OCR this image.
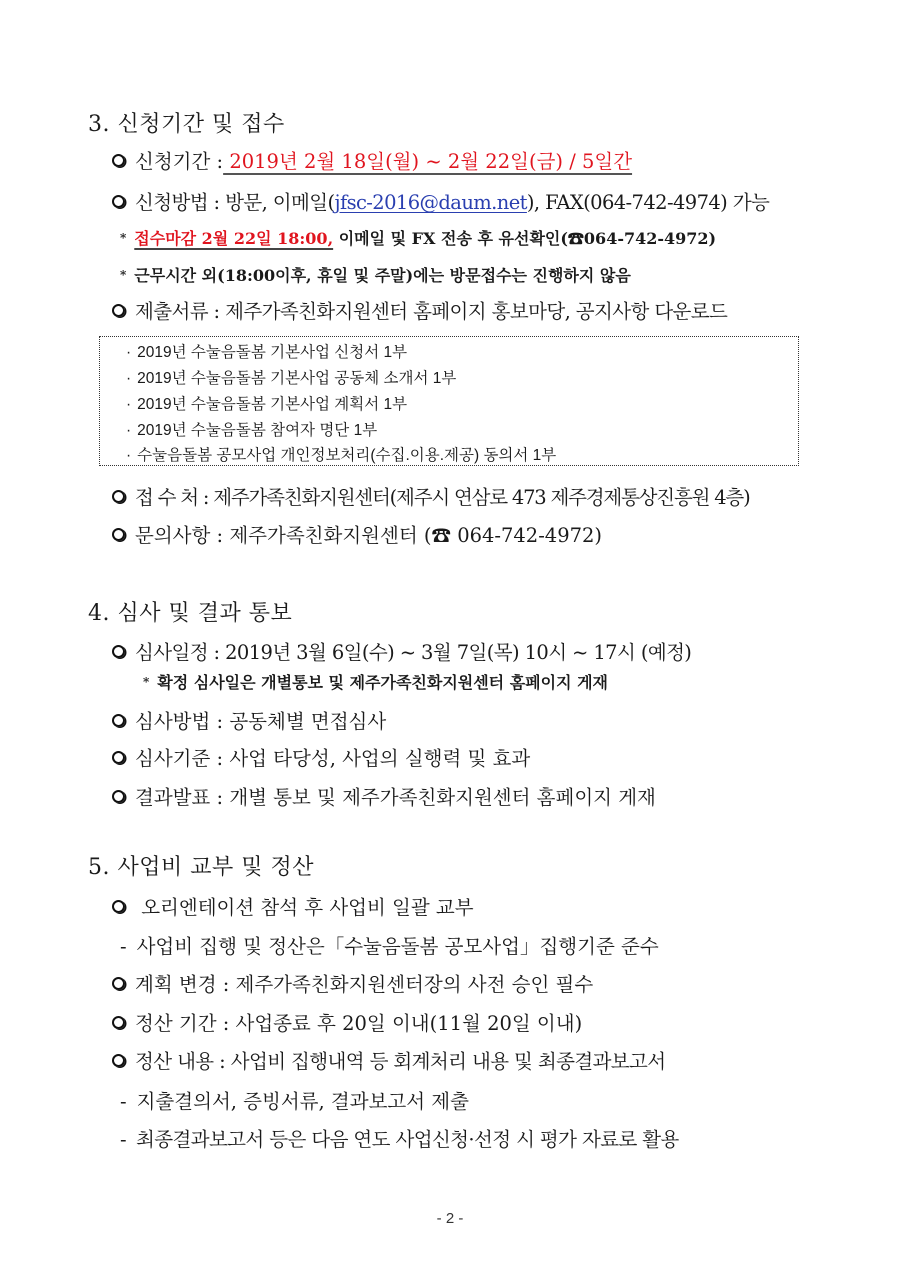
3. 신청기간 및 접수
신청기간 : 2019년 2월 18일(월) ~ 2월 22일(금) / 5일간
신청방법 : 방문, 이메일(jfsc-2016@daum.net), FAX(064-742-4974) 가능
* 접수마감 2월 22일 18:00, 이메일 및 FX 전송 후 유선확인(☎064-742-4972)
* 근무시간 외(18:00이후, 휴일 및 주말)에는 방문접수는 진행하지 않음
제출서류 : 제주가족친화지원센터 홈페이지 홍보마당, 공지사항 다운로드
· 2019년 수눌음돌봄 기본사업 신청서 1부
· 2019년 수눌음돌봄 기본사업 공동체 소개서 1부
· 2019년 수눌음돌봄 기본사업 계획서 1부
· 2019년 수눌음돌봄 참여자 명단 1부
· 수눌음돌봄 공모사업 개인정보처리(수집.이용.제공) 동의서 1부
접 수 처 : 제주가족친화지원센터(제주시 연삼로 473 제주경제통상진흥원 4층)
문의사항 : 제주가족친화지원센터 (☎ 064-742-4972)
4. 심사 및 결과 통보
심사일정 : 2019년 3월 6일(수) ~ 3월 7일(목) 10시 ~ 17시 (예정)
* 확정 심사일은 개별통보 및 제주가족친화지원센터 홈페이지 게재
심사방법 : 공동체별 면접심사
심사기준 : 사업 타당성, 사업의 실행력 및 효과
결과발표 : 개별 통보 및 제주가족친화지원센터 홈페이지 게재
5. 사업비 교부 및 정산
오리엔테이션 참석 후 사업비 일괄 교부
- 사업비 집행 및 정산은「수눌음돌봄 공모사업」집행기준 준수
계획 변경 : 제주가족친화지원센터장의 사전 승인 필수
정산 기간 : 사업종료 후 20일 이내(11월 20일 이내)
정산 내용 : 사업비 집행내역 등 회계처리 내용 및 최종결과보고서
- 지출결의서, 증빙서류, 결과보고서 제출
- 최종결과보고서 등은 다음 연도 사업신청·선정 시 평가 자료로 활용
- 2 -
